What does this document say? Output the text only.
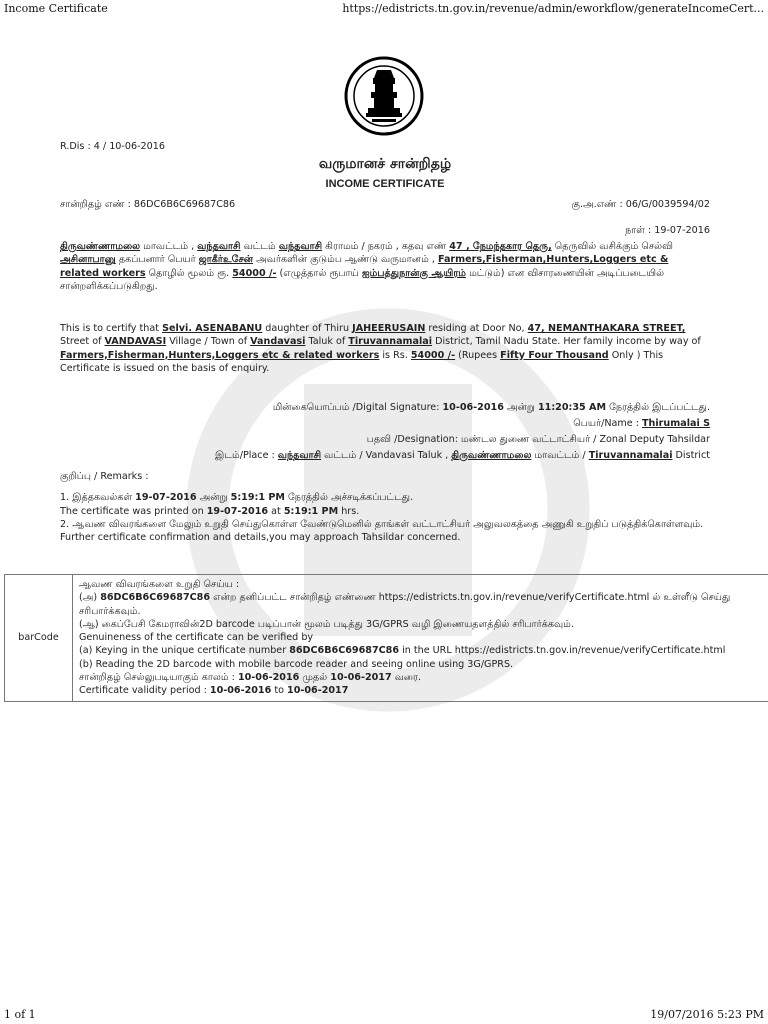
Income Certificate	https://edistricts.tn.gov.in/revenue/admin/eworkflow/generateIncomeCert...
R.Dis : 4 / 10-06-2016
வருமானச் சான்றிதழ்
INCOME CERTIFICATE
சான்றிதழ் எண் : 86DC6B6C69687C86	கு.அ.எண் : 06/G/0039594/02
நாள் : 19-07-2016

திருவண்ணாமலை மாவட்டம் , வந்தவாசி வட்டம் வந்தவாசி கிராமம் / நகரம் , கதவு எண் 47 , நேமந்தகார தெரு, தெருவில் வசிக்கும் செல்வி அசினாபானு தகப்பனார் பெயர் ஜாகீர்உசேன் அவர்களின் குடும்ப ஆண்டு வருமானம் , Farmers,Fisherman,Hunters,Loggers etc & related workers தொழில் மூலம் ரூ. 54000 /- (எழுத்தால் ரூபாய் ஐம்பத்துநான்கு ஆயிரம் மட்டும்) என விசாரணையின் அடிப்படையில் சான்றளிக்கப்படுகிறது.

This is to certify that Selvi. ASENABANU daughter of Thiru JAHEERUSAIN residing at Door No, 47, NEMANTHAKARA STREET, Street of VANDAVASI Village / Town of Vandavasi Taluk of Tiruvannamalai District, Tamil Nadu State. Her family income by way of Farmers,Fisherman,Hunters,Loggers etc & related workers is Rs. 54000 /- (Rupees Fifty Four Thousand Only ) This Certificate is issued on the basis of enquiry.

மின்கையொப்பம் /Digital Signature: 10-06-2016 அன்று 11:20:35 AM நேரத்தில் இடப்பட்டது.
பெயர்/Name : Thirumalai S
பதவி /Designation: மண்டல துணை வட்டாட்சியர் / Zonal Deputy Tahsildar
இடம்/Place : வந்தவாசி வட்டம் / Vandavasi Taluk , திருவண்ணாமலை மாவட்டம் / Tiruvannamalai District
குறிப்பு / Remarks :
1. இத்தகவல்கள் 19-07-2016 அன்று 5:19:1 PM நேரத்தில் அச்சடிக்கப்பட்டது.
The certificate was printed on 19-07-2016 at 5:19:1 PM hrs.
2. ஆவண விவரங்களை மேலும் உறுதி செய்துகொள்ள வேண்டுமெனில் தாங்கள் வட்டாட்சியர் அலுவலகத்தை அணுகி உறுதிப் படுத்திக்கொள்ளவும்.
Further certificate confirmation and details,you may approach Tahsildar concerned.
barCode	
ஆவண விவரங்களை உறுதி செய்ய :
(அ) 86DC6B6C69687C86 என்ற தனிப்பட்ட சான்றிதழ் எண்ணை https://edistricts.tn.gov.in/revenue/verifyCertificate.html ல் உள்ளீடு செய்து சரிபார்க்கவும்.
(ஆ) கைப்பேசி கேமராவின்2D barcode படிப்பான் மூலம் படித்து 3G/GPRS வழி இணையதளத்தில் சரிபார்க்கவும்.
Genuineness of the certificate can be verified by
(a) Keying in the unique certificate number 86DC6B6C69687C86 in the URL https://edistricts.tn.gov.in/revenue/verifyCertificate.html
(b) Reading the 2D barcode with mobile barcode reader and seeing online using 3G/GPRS.
சான்றிதழ் செல்லுபடியாகும் காலம் : 10-06-2016 முதல் 10-06-2017 வரை.
Certificate validity period : 10-06-2016 to 10-06-2017
1 of 1	19/07/2016 5:23 PM
